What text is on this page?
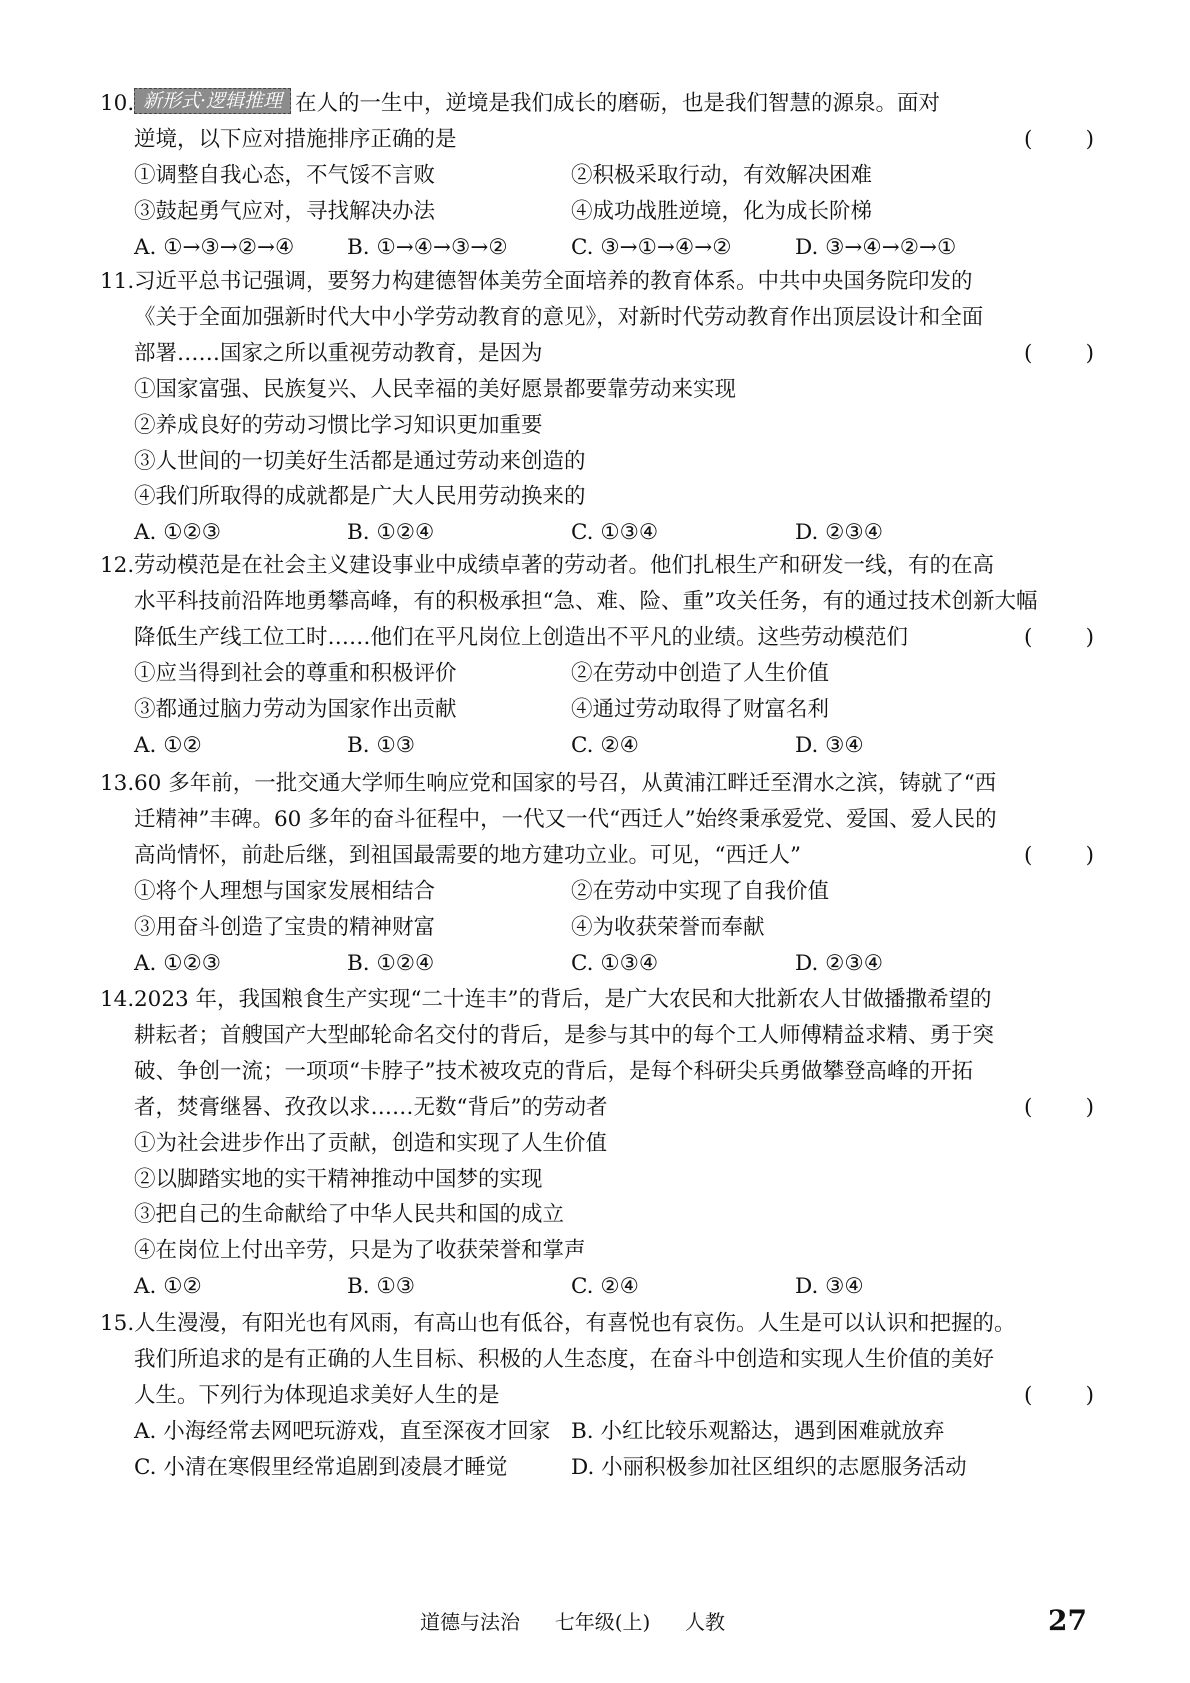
10. 新形式·逻辑推理 在人的一生中，逆境是我们成长的磨砺，也是我们智慧的源泉。面对
逆境，以下应对措施排序正确的是	( )
①调整自我心态，不气馁不言败	②积极采取行动，有效解决困难
③鼓起勇气应对，寻找解决办法	④成功战胜逆境，化为成长阶梯
A. ①→③→②→④ B. ①→④→③→②	C. ③→①→④→②	D. ③→④→②→①
11. 习近平总书记强调，要努力构建德智体美劳全面培养的教育体系。中共中央国务院印发的
《关于全面加强新时代大中小学劳动教育的意见》，对新时代劳动教育作出顶层设计和全面
部署……国家之所以重视劳动教育，是因为	( )
①国家富强、民族复兴、人民幸福的美好愿景都要靠劳动来实现
②养成良好的劳动习惯比学习知识更加重要
③人世间的一切美好生活都是通过劳动来创造的
④我们所取得的成就都是广大人民用劳动换来的
A. ①②③	B. ①②④	C. ①③④	D. ②③④
12. 劳动模范是在社会主义建设事业中成绩卓著的劳动者。他们扎根生产和研发一线，有的在高
水平科技前沿阵地勇攀高峰，有的积极承担“急、难、险、重”攻关任务，有的通过技术创新大幅
降低生产线工位工时……他们在平凡岗位上创造出不平凡的业绩。这些劳动模范们	( )
①应当得到社会的尊重和积极评价	②在劳动中创造了人生价值
③都通过脑力劳动为国家作出贡献	④通过劳动取得了财富名利
A. ①②	B. ①③	C. ②④	D. ③④
13. 60 多年前，一批交通大学师生响应党和国家的号召，从黄浦江畔迁至渭水之滨，铸就了“西
迁精神”丰碑。60 多年的奋斗征程中，一代又一代“西迁人”始终秉承爱党、爱国、爱人民的
高尚情怀，前赴后继，到祖国最需要的地方建功立业。可见，“西迁人”	( )
①将个人理想与国家发展相结合	②在劳动中实现了自我价值
③用奋斗创造了宝贵的精神财富	④为收获荣誉而奉献
A. ①②③	B. ①②④	C. ①③④	D. ②③④
14. 2023 年，我国粮食生产实现“二十连丰”的背后，是广大农民和大批新农人甘做播撒希望的
耕耘者；首艘国产大型邮轮命名交付的背后，是参与其中的每个工人师傅精益求精、勇于突
破、争创一流；一项项“卡脖子”技术被攻克的背后，是每个科研尖兵勇做攀登高峰的开拓
者，焚膏继晷、孜孜以求……无数“背后”的劳动者	( )
①为社会进步作出了贡献，创造和实现了人生价值
②以脚踏实地的实干精神推动中国梦的实现
③把自己的生命献给了中华人民共和国的成立
④在岗位上付出辛劳，只是为了收获荣誉和掌声
A. ①②	B. ①③	C. ②④	D. ③④
15. 人生漫漫，有阳光也有风雨，有高山也有低谷，有喜悦也有哀伤。人生是可以认识和把握的。
我们所追求的是有正确的人生目标、积极的人生态度，在奋斗中创造和实现人生价值的美好
人生。下列行为体现追求美好人生的是	( )
A. 小海经常去网吧玩游戏，直至深夜才回家 B. 小红比较乐观豁达，遇到困难就放弃
C. 小清在寒假里经常追剧到凌晨才睡觉	D. 小丽积极参加社区组织的志愿服务活动
道德与法治 七年级(上) 人教	27
